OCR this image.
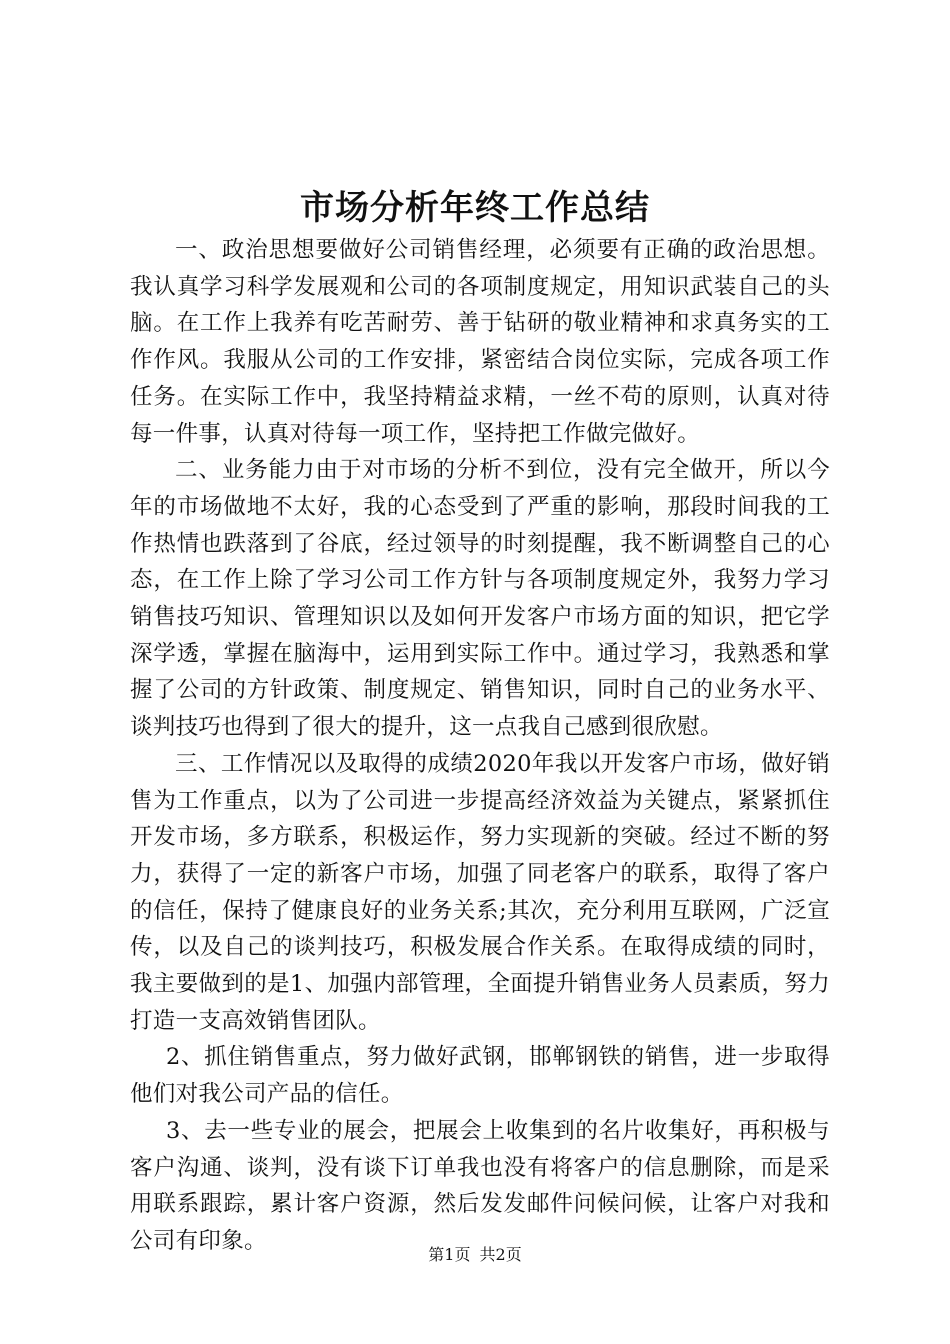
市场分析年终工作总结

一、政治思想要做好公司销售经理，必须要有正确的政治思想。我认真学习科学发展观和公司的各项制度规定，用知识武装自己的头脑。在工作上我养有吃苦耐劳、善于钻研的敬业精神和求真务实的工作作风。我服从公司的工作安排，紧密结合岗位实际，完成各项工作任务。在实际工作中，我坚持精益求精，一丝不苟的原则，认真对待每一件事，认真对待每一项工作，坚持把工作做完做好。

二、业务能力由于对市场的分析不到位，没有完全做开，所以今年的市场做地不太好，我的心态受到了严重的影响，那段时间我的工作热情也跌落到了谷底，经过领导的时刻提醒，我不断调整自己的心态，在工作上除了学习公司工作方针与各项制度规定外，我努力学习销售技巧知识、管理知识以及如何开发客户市场方面的知识，把它学深学透，掌握在脑海中，运用到实际工作中。通过学习，我熟悉和掌握了公司的方针政策、制度规定、销售知识，同时自己的业务水平、谈判技巧也得到了很大的提升，这一点我自己感到很欣慰。

三、工作情况以及取得的成绩2020年我以开发客户市场，做好销售为工作重点，以为了公司进一步提高经济效益为关键点，紧紧抓住开发市场，多方联系，积极运作，努力实现新的突破。经过不断的努力，获得了一定的新客户市场，加强了同老客户的联系，取得了客户的信任，保持了健康良好的业务关系;其次，充分利用互联网，广泛宣传，以及自己的谈判技巧，积极发展合作关系。在取得成绩的同时，我主要做到的是1、加强内部管理，全面提升销售业务人员素质，努力打造一支高效销售团队。

2、抓住销售重点，努力做好武钢，邯郸钢铁的销售，进一步取得他们对我公司产品的信任。

3、去一些专业的展会，把展会上收集到的名片收集好，再积极与客户沟通、谈判，没有谈下订单我也没有将客户的信息删除，而是采用联系跟踪，累计客户资源，然后发发邮件问候问候，让客户对我和公司有印象。

第1页 共2页
